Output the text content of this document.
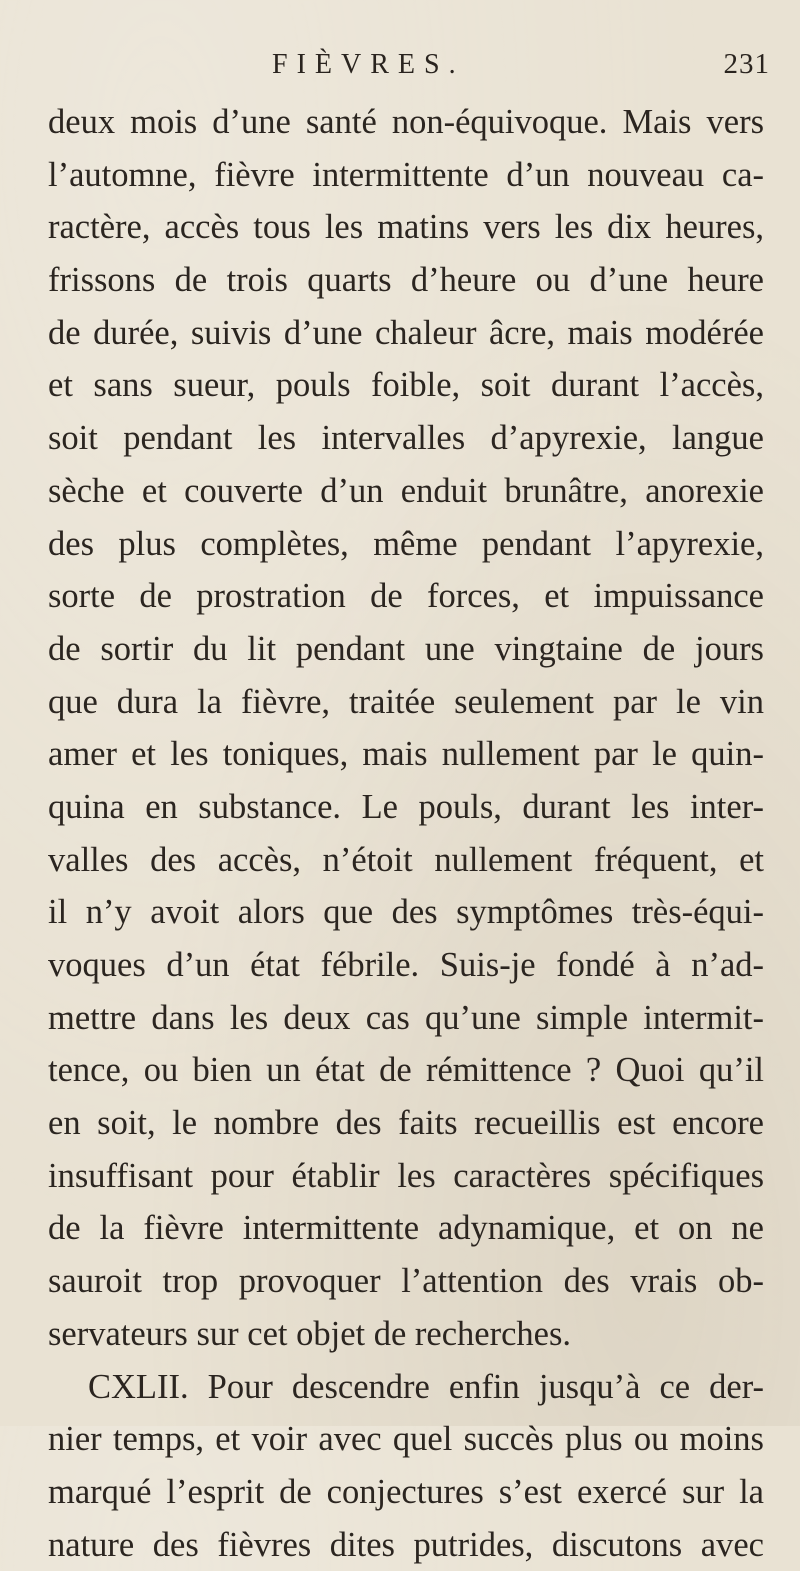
FIÈVRES.	231
deux mois d’une santé non-équivoque. Mais vers
l’automne, fièvre intermittente d’un nouveau ca-
ractère, accès tous les matins vers les dix heures,
frissons de trois quarts d’heure ou d’une heure
de durée, suivis d’une chaleur âcre, mais modérée
et sans sueur, pouls foible, soit durant l’accès,
soit pendant les intervalles d’apyrexie, langue
sèche et couverte d’un enduit brunâtre, anorexie
des plus complètes, même pendant l’apyrexie,
sorte de prostration de forces, et impuissance
de sortir du lit pendant une vingtaine de jours
que dura la fièvre, traitée seulement par le vin
amer et les toniques, mais nullement par le quin-
quina en substance. Le pouls, durant les inter-
valles des accès, n’étoit nullement fréquent, et
il n’y avoit alors que des symptômes très-équi-
voques d’un état fébrile. Suis-je fondé à n’ad-
mettre dans les deux cas qu’une simple intermit-
tence, ou bien un état de rémittence ? Quoi qu’il
en soit, le nombre des faits recueillis est encore
insuffisant pour établir les caractères spécifiques
de la fièvre intermittente adynamique, et on ne
sauroit trop provoquer l’attention des vrais ob-
servateurs sur cet objet de recherches.
CXLII. Pour descendre enfin jusqu’à ce der-
nier temps, et voir avec quel succès plus ou moins
marqué l’esprit de conjectures s’est exercé sur la
nature des fièvres dites putrides, discutons avec
